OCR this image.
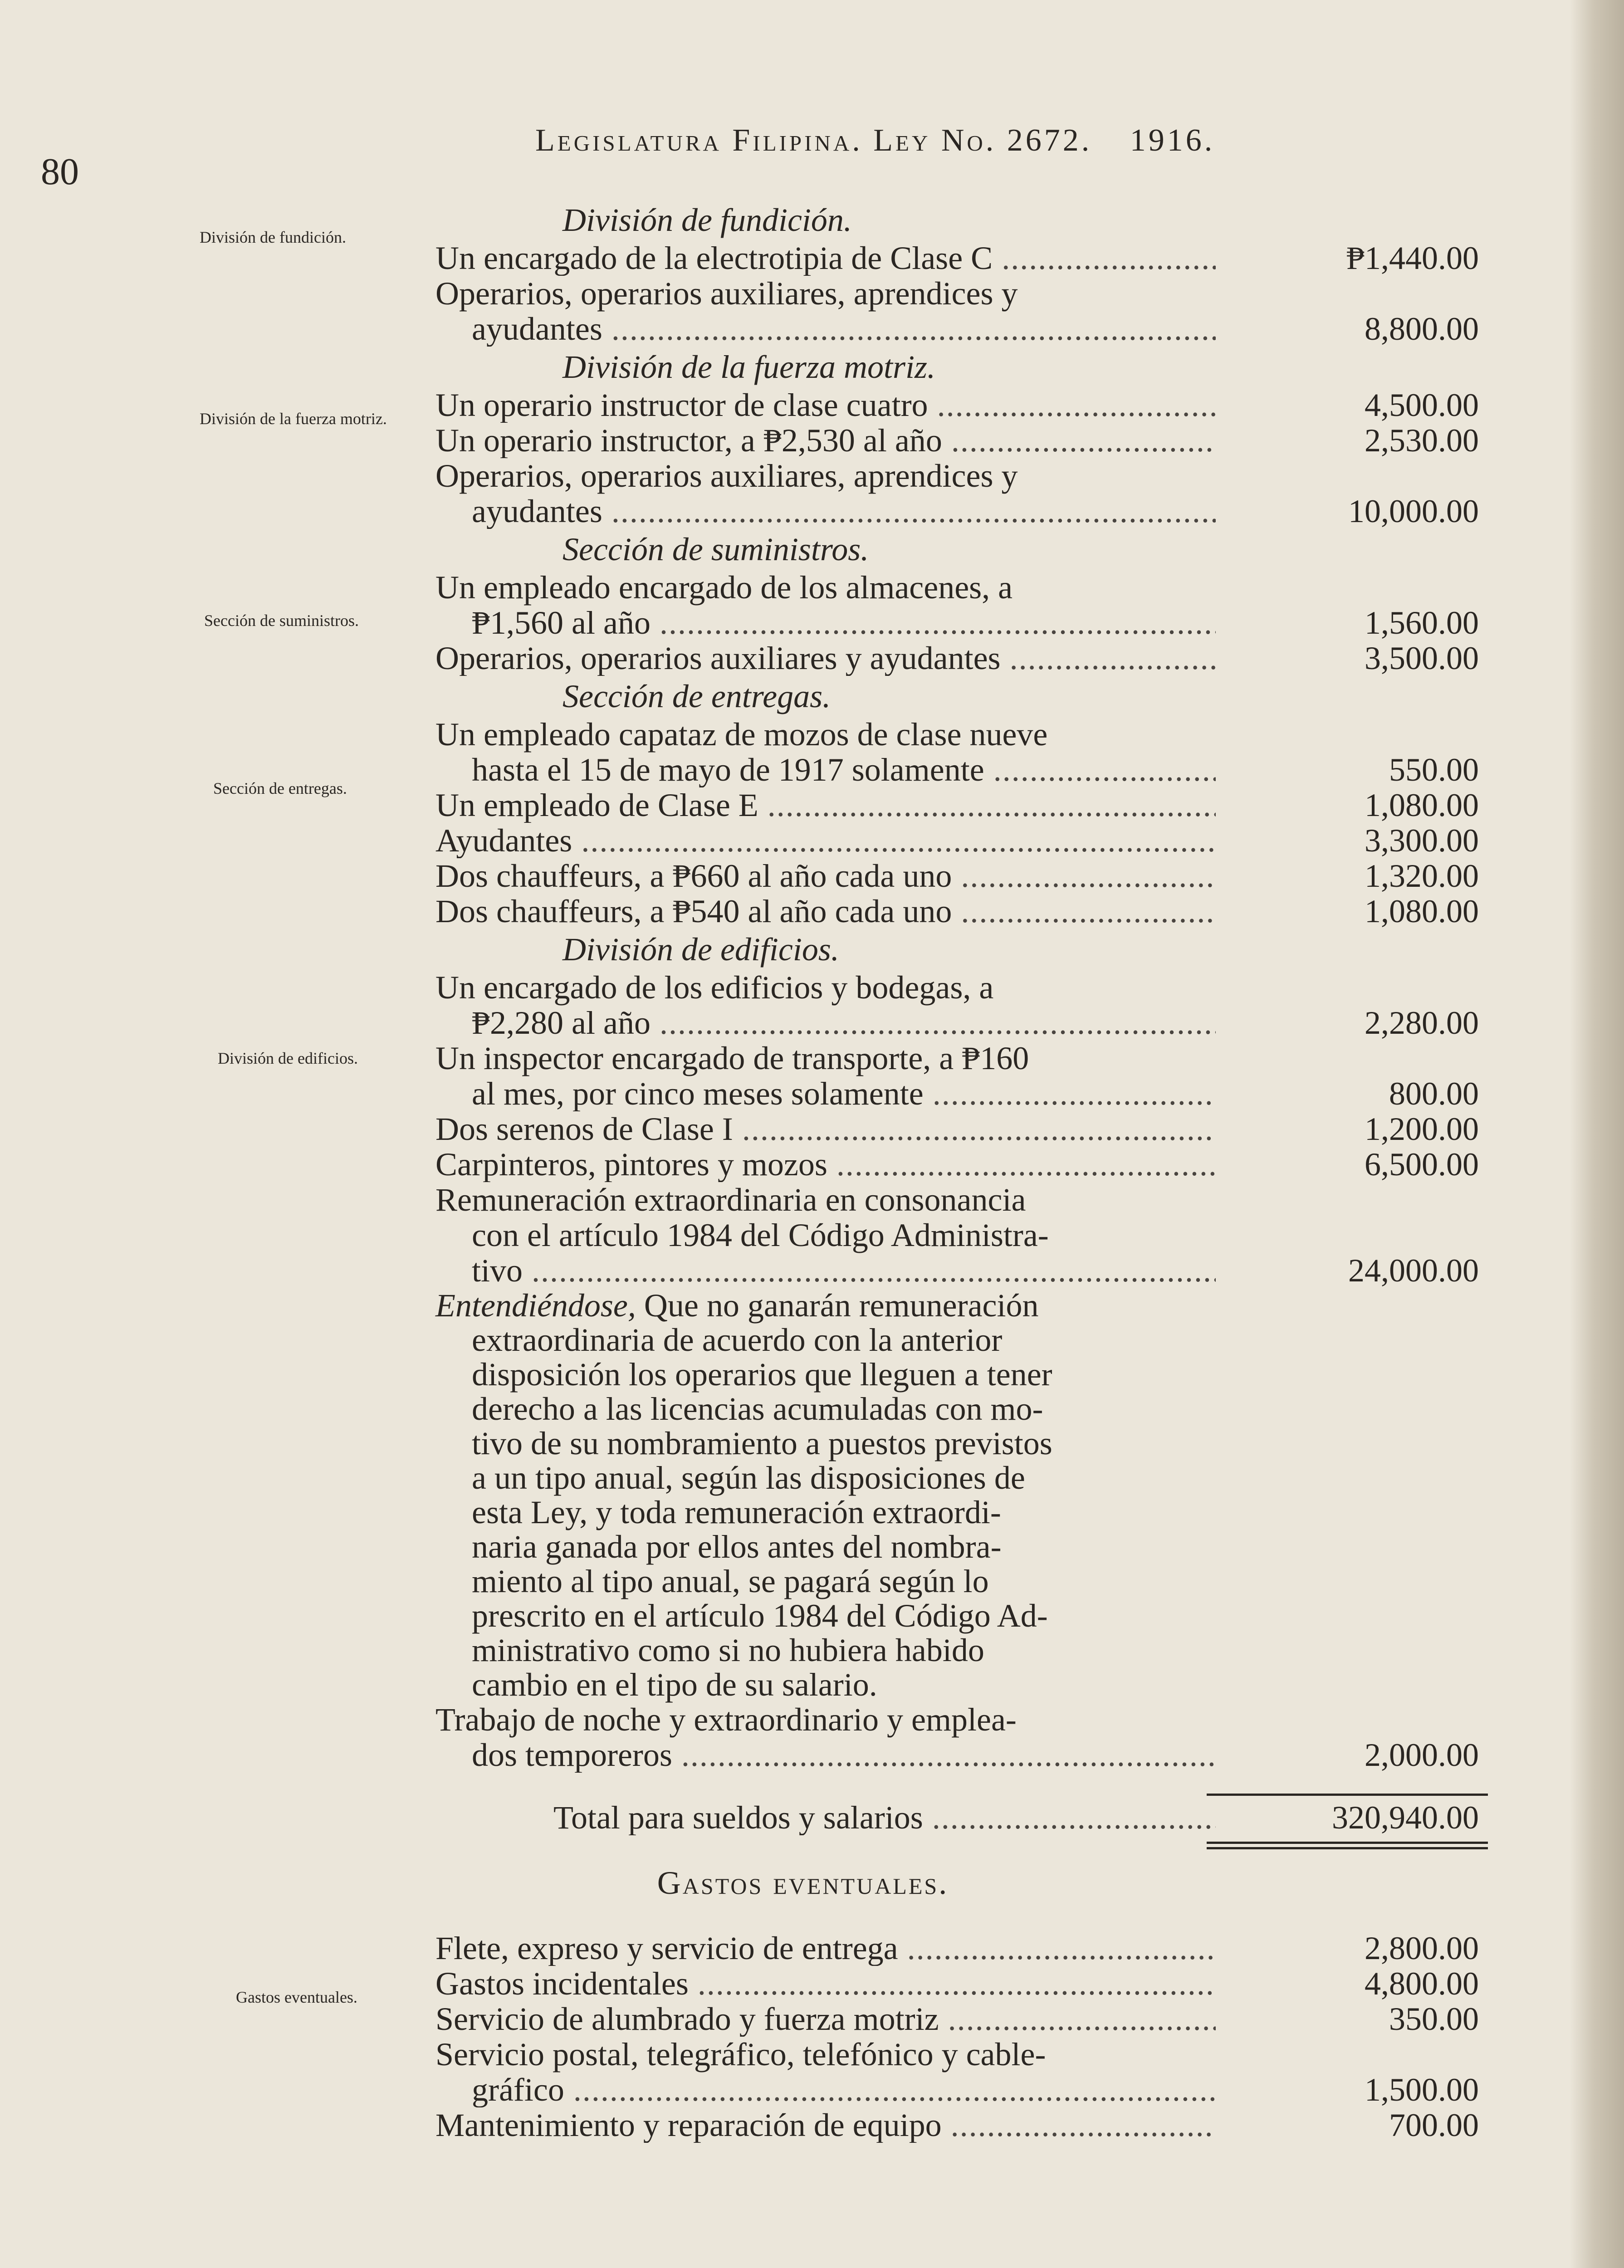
80
Legislatura Filipina. Ley No. 2672. 1916.
División de fundición.
División de la fuerza motriz.
Sección de suministros.
Sección de entregas.
División de edificios.
Gastos eventuales.
División de fundición.
Un encargado de la electrotipia de Clase C .....	₱1,440.00
Operarios, operarios auxiliares, aprendices y
ayudantes .....	8,800.00
División de la fuerza motriz.
Un operario instructor de clase cuatro .....	4,500.00
Un operario instructor, a ₱2,530 al año .....	2,530.00
Operarios, operarios auxiliares, aprendices y
ayudantes .....	10,000.00
Sección de suministros.
Un empleado encargado de los almacenes, a
₱1,560 al año .....	1,560.00
Operarios, operarios auxiliares y ayudantes .....	3,500.00
Sección de entregas.
Un empleado capataz de mozos de clase nueve
hasta el 15 de mayo de 1917 solamente .....	550.00
Un empleado de Clase E .....	1,080.00
Ayudantes .....	3,300.00
Dos chauffeurs, a ₱660 al año cada uno .....	1,320.00
Dos chauffeurs, a ₱540 al año cada uno .....	1,080.00
División de edificios.
Un encargado de los edificios y bodegas, a
₱2,280 al año .....	2,280.00
Un inspector encargado de transporte, a ₱160
al mes, por cinco meses solamente .....	800.00
Dos serenos de Clase I .....	1,200.00
Carpinteros, pintores y mozos .....	6,500.00
Remuneración extraordinaria en consonancia
con el artículo 1984 del Código Administra-
tivo .....	24,000.00
Entendiéndose, Que no ganarán remuneración
extraordinaria de acuerdo con la anterior
disposición los operarios que lleguen a tener
derecho a las licencias acumuladas con mo-
tivo de su nombramiento a puestos previstos
a un tipo anual, según las disposiciones de
esta Ley, y toda remuneración extraordi-
naria ganada por ellos antes del nombra-
miento al tipo anual, se pagará según lo
prescrito en el artículo 1984 del Código Ad-
ministrativo como si no hubiera habido
cambio en el tipo de su salario.
Trabajo de noche y extraordinario y emplea-
dos temporeros .....	2,000.00
Total para sueldos y salarios .....	320,940.00
Gastos eventuales.
Flete, expreso y servicio de entrega .....	2,800.00
Gastos incidentales .....	4,800.00
Servicio de alumbrado y fuerza motriz .....	350.00
Servicio postal, telegráfico, telefónico y cable-
gráfico .....	1,500.00
Mantenimiento y reparación de equipo .....	700.00
